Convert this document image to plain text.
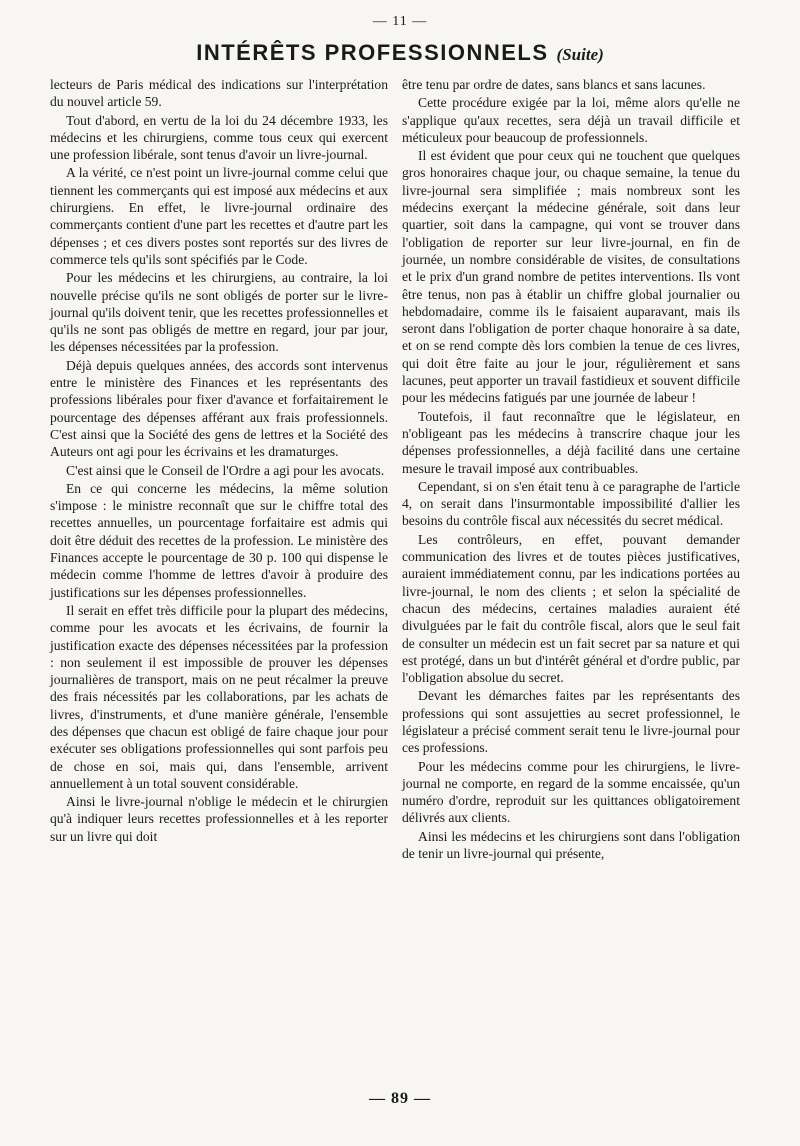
— 11 —
INTÉRÊTS PROFESSIONNELS (Suite)

lecteurs de Paris médical des indications sur l'interprétation du nouvel article 59.

Tout d'abord, en vertu de la loi du 24 décembre 1933, les médecins et les chirurgiens, comme tous ceux qui exercent une profession libérale, sont tenus d'avoir un livre-journal.

A la vérité, ce n'est point un livre-journal comme celui que tiennent les commerçants qui est imposé aux médecins et aux chirurgiens. En effet, le livre-journal ordinaire des commerçants contient d'une part les recettes et d'autre part les dépenses ; et ces divers postes sont reportés sur des livres de commerce tels qu'ils sont spécifiés par le Code.

Pour les médecins et les chirurgiens, au contraire, la loi nouvelle précise qu'ils ne sont obligés de porter sur le livre-journal qu'ils doivent tenir, que les recettes professionnelles et qu'ils ne sont pas obligés de mettre en regard, jour par jour, les dépenses nécessitées par la profession.

Déjà depuis quelques années, des accords sont intervenus entre le ministère des Finances et les représentants des professions libérales pour fixer d'avance et forfaitairement le pourcentage des dépenses afférant aux frais professionnels. C'est ainsi que la Société des gens de lettres et la Société des Auteurs ont agi pour les écrivains et les dramaturges.

C'est ainsi que le Conseil de l'Ordre a agi pour les avocats.

En ce qui concerne les médecins, la même solution s'impose : le ministre reconnaît que sur le chiffre total des recettes annuelles, un pourcentage forfaitaire est admis qui doit être déduit des recettes de la profession. Le ministère des Finances accepte le pourcentage de 30 p. 100 qui dispense le médecin comme l'homme de lettres d'avoir à produire des justifications sur les dépenses professionnelles.

Il serait en effet très difficile pour la plupart des médecins, comme pour les avocats et les écrivains, de fournir la justification exacte des dépenses nécessitées par la profession : non seulement il est impossible de prouver les dépenses journalières de transport, mais on ne peut récalmer la preuve des frais nécessités par les collaborations, par les achats de livres, d'instruments, et d'une manière générale, l'ensemble des dépenses que chacun est obligé de faire chaque jour pour exécuter ses obligations professionnelles qui sont parfois peu de chose en soi, mais qui, dans l'ensemble, arrivent annuellement à un total souvent considérable.

Ainsi le livre-journal n'oblige le médecin et le chirurgien qu'à indiquer leurs recettes professionnelles et à les reporter sur un livre qui doit

être tenu par ordre de dates, sans blancs et sans lacunes.

Cette procédure exigée par la loi, même alors qu'elle ne s'applique qu'aux recettes, sera déjà un travail difficile et méticuleux pour beaucoup de professionnels.

Il est évident que pour ceux qui ne touchent que quelques gros honoraires chaque jour, ou chaque semaine, la tenue du livre-journal sera simplifiée ; mais nombreux sont les médecins exerçant la médecine générale, soit dans leur quartier, soit dans la campagne, qui vont se trouver dans l'obligation de reporter sur leur livre-journal, en fin de journée, un nombre considérable de visites, de consultations et le prix d'un grand nombre de petites interventions. Ils vont être tenus, non pas à établir un chiffre global journalier ou hebdomadaire, comme ils le faisaient auparavant, mais ils seront dans l'obligation de porter chaque honoraire à sa date, et on se rend compte dès lors combien la tenue de ces livres, qui doit être faite au jour le jour, régulièrement et sans lacunes, peut apporter un travail fastidieux et souvent difficile pour les médecins fatigués par une journée de labeur !

Toutefois, il faut reconnaître que le législateur, en n'obligeant pas les médecins à transcrire chaque jour les dépenses professionnelles, a déjà facilité dans une certaine mesure le travail imposé aux contribuables.

Cependant, si on s'en était tenu à ce paragraphe de l'article 4, on serait dans l'insurmontable impossibilité d'allier les besoins du contrôle fiscal aux nécessités du secret médical.

Les contrôleurs, en effet, pouvant demander communication des livres et de toutes pièces justificatives, auraient immédiatement connu, par les indications portées au livre-journal, le nom des clients ; et selon la spécialité de chacun des médecins, certaines maladies auraient été divulguées par le fait du contrôle fiscal, alors que le seul fait de consulter un médecin est un fait secret par sa nature et qui est protégé, dans un but d'intérêt général et d'ordre public, par l'obligation absolue du secret.

Devant les démarches faites par les représentants des professions qui sont assujetties au secret professionnel, le législateur a précisé comment serait tenu le livre-journal pour ces professions.

Pour les médecins comme pour les chirurgiens, le livre-journal ne comporte, en regard de la somme encaissée, qu'un numéro d'ordre, reproduit sur les quittances obligatoirement délivrés aux clients.

Ainsi les médecins et les chirurgiens sont dans l'obligation de tenir un livre-journal qui présente,

— 89 —
